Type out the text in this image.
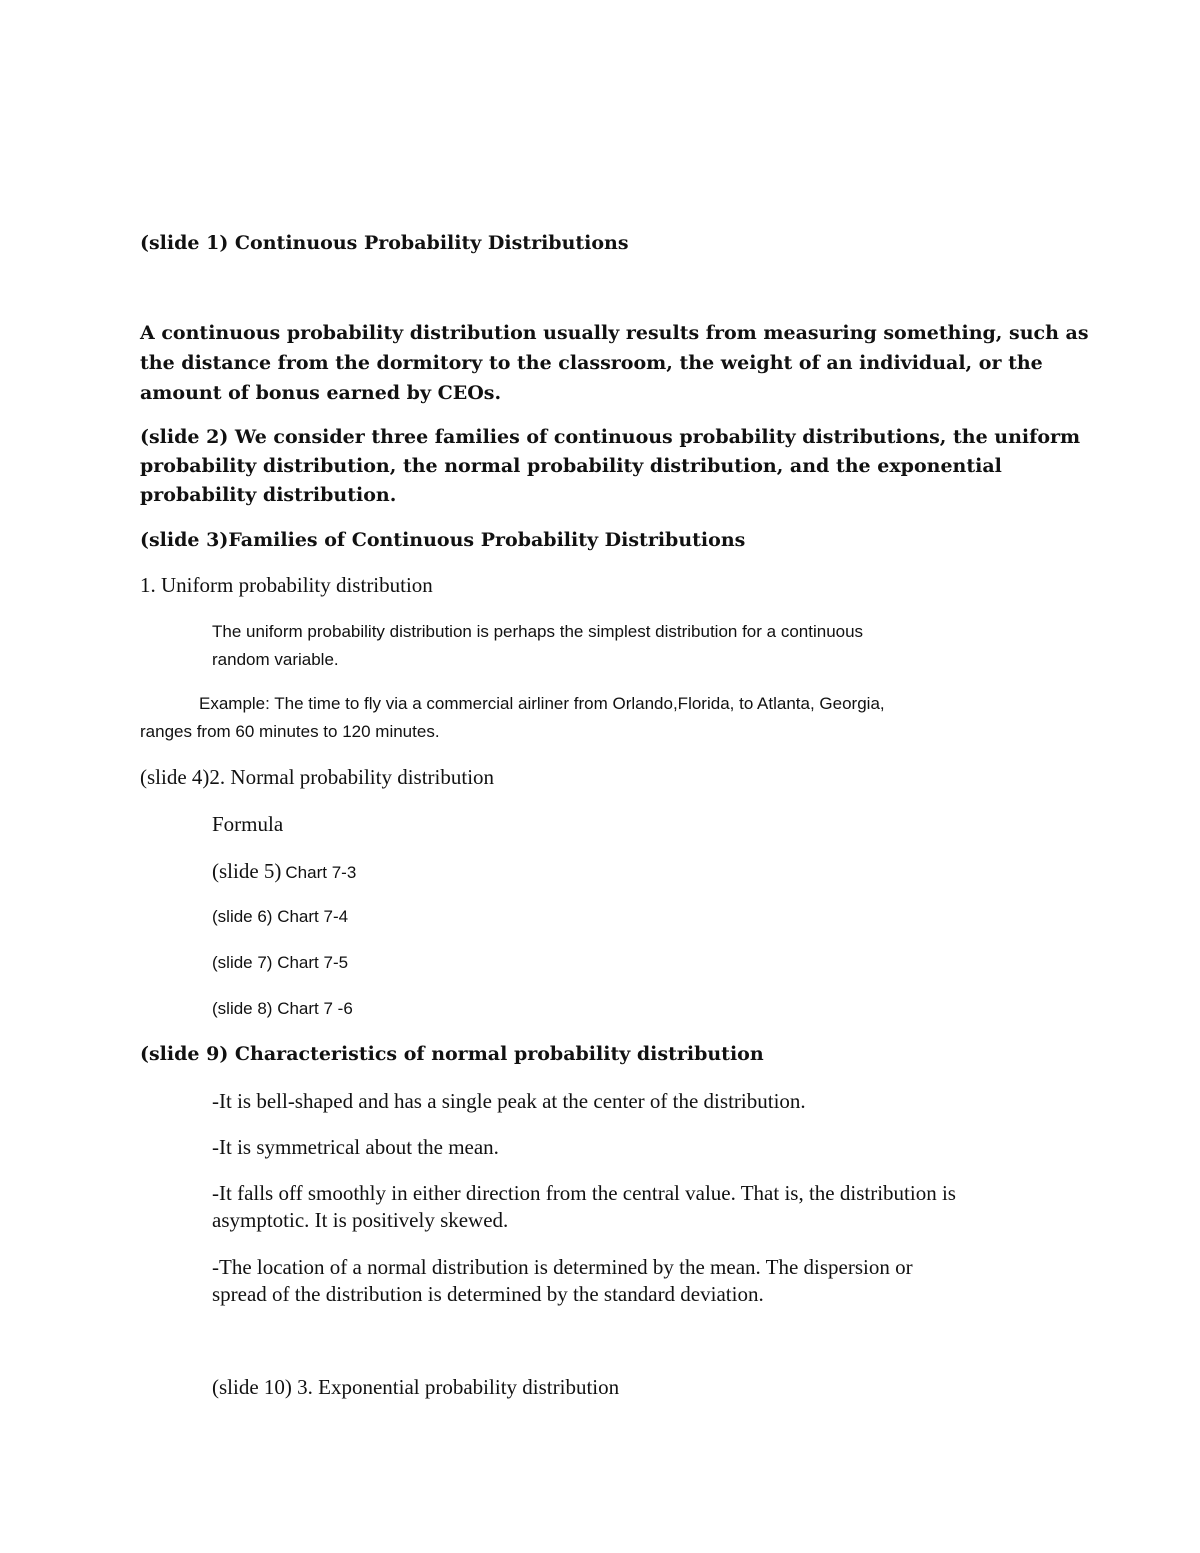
(slide 1) Continuous Probability Distributions

A continuous probability distribution usually results from measuring something, such as

the distance from the dormitory to the classroom, the weight of an individual, or the

amount of bonus earned by CEOs.

(slide 2) We consider three families of continuous probability distributions, the uniform

probability distribution, the normal probability distribution, and the exponential

probability distribution.

(slide 3)Families of Continuous Probability Distributions

1. Uniform probability distribution

The uniform probability distribution is perhaps the simplest distribution for a continuous

random variable.

Example: The time to fly via a commercial airliner from Orlando,Florida, to Atlanta, Georgia,

ranges from 60 minutes to 120 minutes.

(slide 4)2. Normal probability distribution

Formula

(slide 5) Chart 7-3

(slide 6) Chart 7-4

(slide 7) Chart 7-5

(slide 8) Chart 7 -6

(slide 9) Characteristics of normal probability distribution

-It is bell-shaped and has a single peak at the center of the distribution.

-It is symmetrical about the mean.

-It falls off smoothly in either direction from the central value. That is, the distribution is

asymptotic. It is positively skewed.

-The location of a normal distribution is determined by the mean. The dispersion or

spread of the distribution is determined by the standard deviation.

(slide 10) 3. Exponential probability distribution
